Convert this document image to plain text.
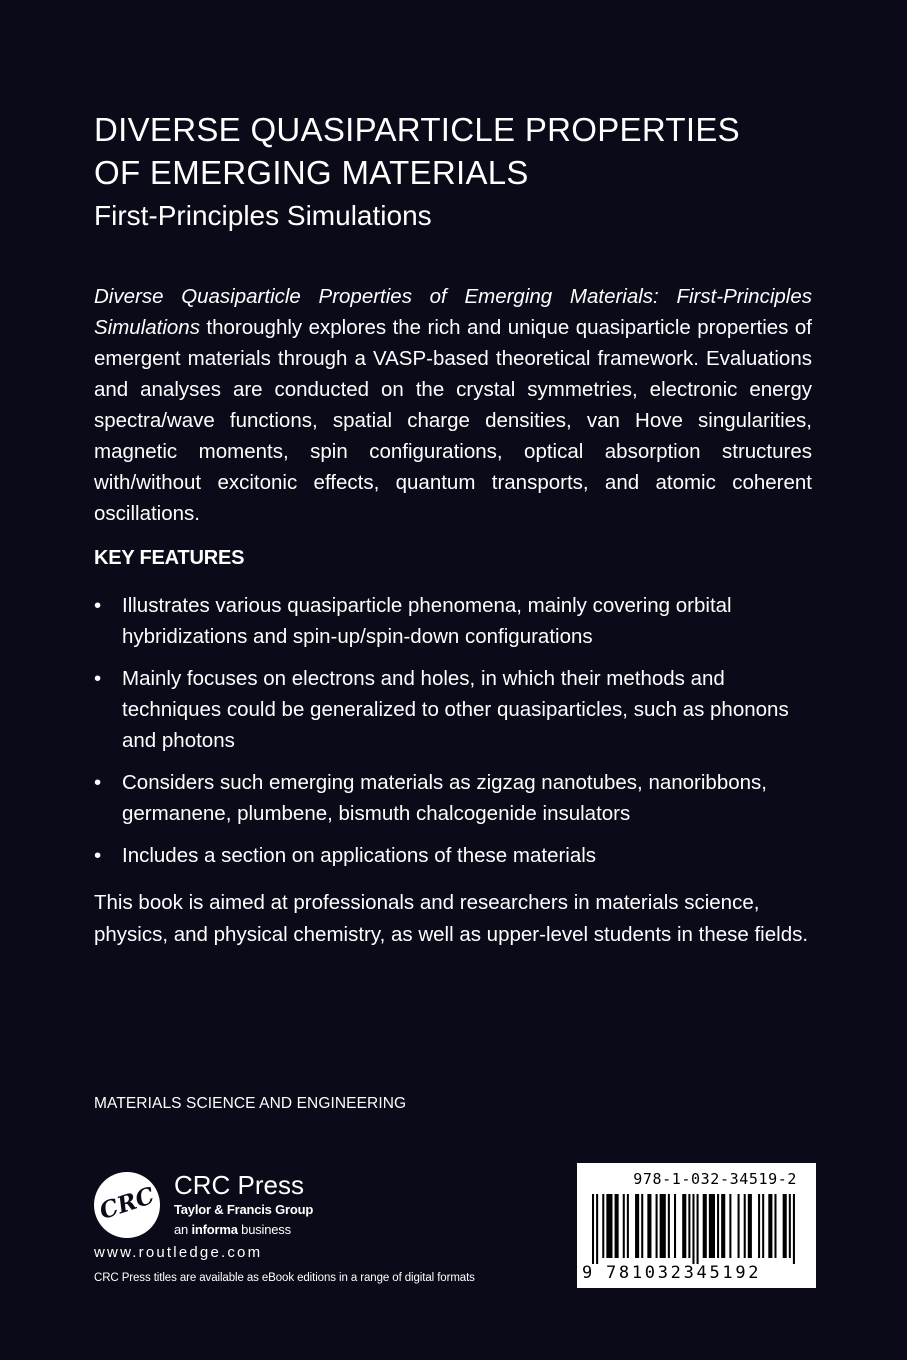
DIVERSE QUASIPARTICLE PROPERTIES
OF EMERGING MATERIALS
First-Principles Simulations

Diverse Quasiparticle Properties of Emerging Materials: First-Principles Simulations thoroughly explores the rich and unique quasiparticle properties of emergent materials through a VASP-based theoretical framework. Evaluations and analyses are conducted on the crystal symmetries, electronic energy spectra/wave functions, spatial charge densities, van Hove singularities, magnetic moments, spin configurations, optical absorption structures with/without excitonic effects, quantum transports, and atomic coherent oscillations.

KEY FEATURES
• Illustrates various quasiparticle phenomena, mainly covering orbital hybridizations and spin-up/spin-down configurations
• Mainly focuses on electrons and holes, in which their methods and techniques could be generalized to other quasiparticles, such as phonons and photons
• Considers such emerging materials as zigzag nanotubes, nanoribbons, germanene, plumbene, bismuth chalcogenide insulators
• Includes a section on applications of these materials
This book is aimed at professionals and researchers in materials science, physics, and physical chemistry, as well as upper-level students in these fields.
MATERIALS SCIENCE AND ENGINEERING
CRC CRC Press
Taylor & Francis Group
an informa business
www.routledge.com
CRC Press titles are available as eBook editions in a range of digital formats
978-1-032-34519-2
9 781032345192
